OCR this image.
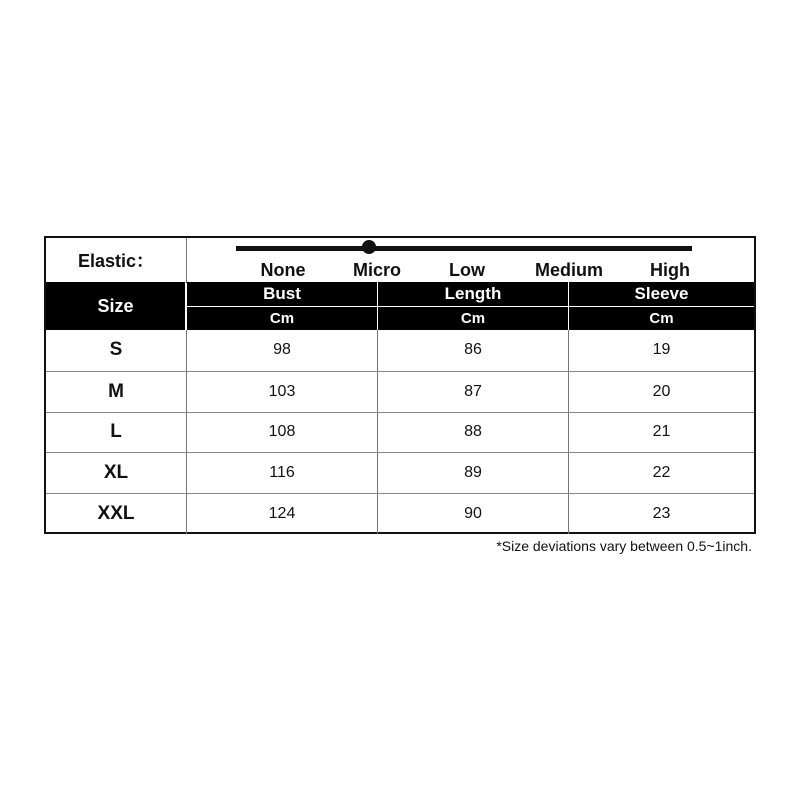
Elastic：	None	Micro	Low	Medium	High
Size
Bust	Length	Sleeve
Cm	Cm	Cm
S	98	86	19
M	103	87	20
L	108	88	21
XL	116	89	22
XXL	124	90	23
*Size deviations vary between 0.5~1inch.
